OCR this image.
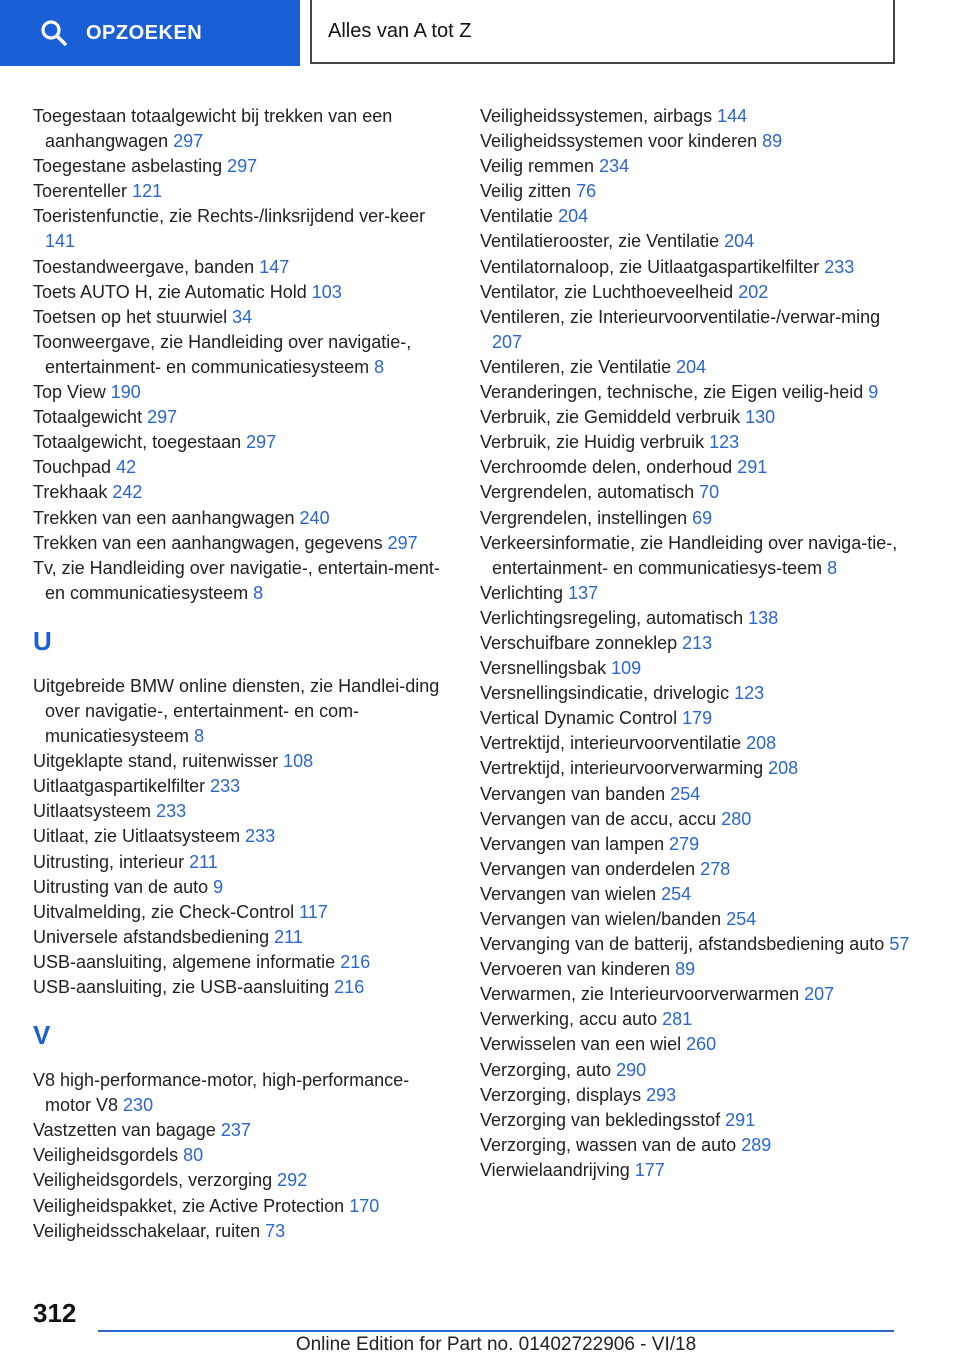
OPZOEKEN	Alles van A tot Z
Toegestaan totaalgewicht bij trekken van een aanhangwagen 297
Toegestane asbelasting 297
Toerenteller 121
Toeristenfunctie, zie Rechts-/linksrijdend ver-keer 141
Toestandweergave, banden 147
Toets AUTO H, zie Automatic Hold 103
Toetsen op het stuurwiel 34
Toonweergave, zie Handleiding over navigatie-, entertainment- en communicatiesysteem 8
Top View 190
Totaalgewicht 297
Totaalgewicht, toegestaan 297
Touchpad 42
Trekhaak 242
Trekken van een aanhangwagen 240
Trekken van een aanhangwagen, gegevens 297
Tv, zie Handleiding over navigatie-, entertain-ment- en communicatiesysteem 8
U
Uitgebreide BMW online diensten, zie Handlei-ding over navigatie-, entertainment- en com-municatiesysteem 8
Uitgeklapte stand, ruitenwisser 108
Uitlaatgaspartikelfilter 233
Uitlaatsysteem 233
Uitlaat, zie Uitlaatsysteem 233
Uitrusting, interieur 211
Uitrusting van de auto 9
Uitvalmelding, zie Check-Control 117
Universele afstandsbediening 211
USB-aansluiting, algemene informatie 216
USB-aansluiting, zie USB-aansluiting 216
V
V8 high-performance-motor, high-performance-motor V8 230
Vastzetten van bagage 237
Veiligheidsgordels 80
Veiligheidsgordels, verzorging 292
Veiligheidspakket, zie Active Protection 170
Veiligheidsschakelaar, ruiten 73
Veiligheidssystemen, airbags 144
Veiligheidssystemen voor kinderen 89
Veilig remmen 234
Veilig zitten 76
Ventilatie 204
Ventilatierooster, zie Ventilatie 204
Ventilatornaloop, zie Uitlaatgaspartikelfilter 233
Ventilator, zie Luchthoeveelheid 202
Ventileren, zie Interieurvoorventilatie-/verwar-ming 207
Ventileren, zie Ventilatie 204
Veranderingen, technische, zie Eigen veilig-heid 9
Verbruik, zie Gemiddeld verbruik 130
Verbruik, zie Huidig verbruik 123
Verchroomde delen, onderhoud 291
Vergrendelen, automatisch 70
Vergrendelen, instellingen 69
Verkeersinformatie, zie Handleiding over naviga-tie-, entertainment- en communicatiesys-teem 8
Verlichting 137
Verlichtingsregeling, automatisch 138
Verschuifbare zonneklep 213
Versnellingsbak 109
Versnellingsindicatie, drivelogic 123
Vertical Dynamic Control 179
Vertrektijd, interieurvoorventilatie 208
Vertrektijd, interieurvoorverwarming 208
Vervangen van banden 254
Vervangen van de accu, accu 280
Vervangen van lampen 279
Vervangen van onderdelen 278
Vervangen van wielen 254
Vervangen van wielen/banden 254
Vervanging van de batterij, afstandsbediening auto 57
Vervoeren van kinderen 89
Verwarmen, zie Interieurvoorverwarmen 207
Verwerking, accu auto 281
Verwisselen van een wiel 260
Verzorging, auto 290
Verzorging, displays 293
Verzorging van bekledingsstof 291
Verzorging, wassen van de auto 289
Vierwielaandrijving 177
312
Online Edition for Part no. 01402722906 - VI/18
